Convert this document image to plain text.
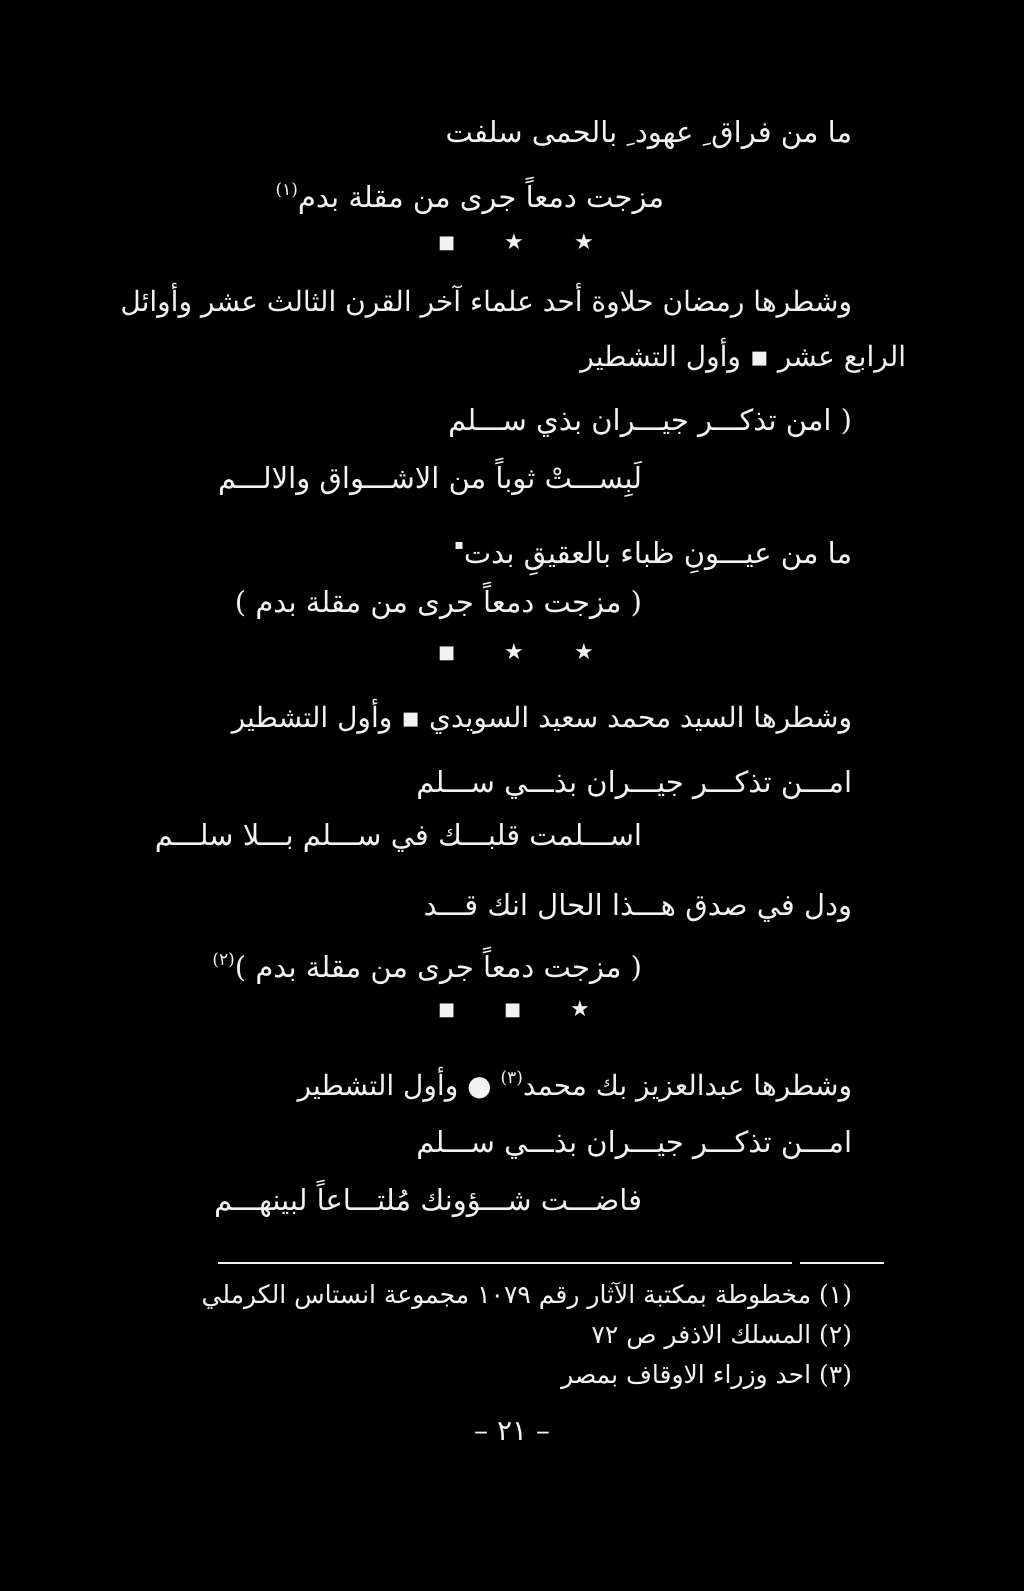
ما من فراق ِ عهود ِ بالحمى سلفت
مزجت دمعاً جرى من مقلة بدم$^{(١)}$
■ ★ ★
وشطرها رمضان حلاوة أحد علماء آخر القرن الثالث عشر وأوائل
الرابع عشر ▪ وأول التشطير
( امن تذكـــر جيـــران بذي ســـلم
لَبِســـتْ ثوباً من الاشـــواق والالـــم
ما من عيـــونِ ظباء بالعقيقِ بدت▪
( مزجت دمعاً جرى من مقلة بدم )
■ ★ ★
وشطرها السيد محمد سعيد السويدي ▪ وأول التشطير
امـــن تذكـــر جيـــران بذـــي ســـلم
اســـلمت قلبـــك في ســـلم بـــلا سلـــم
ودل في صدق هـــذا الحال انك قـــد
( مزجت دمعاً جرى من مقلة بدم )$^{(٢)}$
■	■ ★
وشطرها عبدالعزيز بك محمد$^{(٣)}$ ● وأول التشطير
امـــن تذكـــر جيـــران بذـــي ســـلم
فاضـــت شـــؤونك مُلتـــاعاً لبينهـــم
(١) مخطوطة بمكتبة الآثار رقم ١٠٧٩ مجموعة انستاس الكرملي
(٢) المسلك الاذفر ص ٧٢
(٣) احد وزراء الاوقاف بمصر
– ٢١ –
